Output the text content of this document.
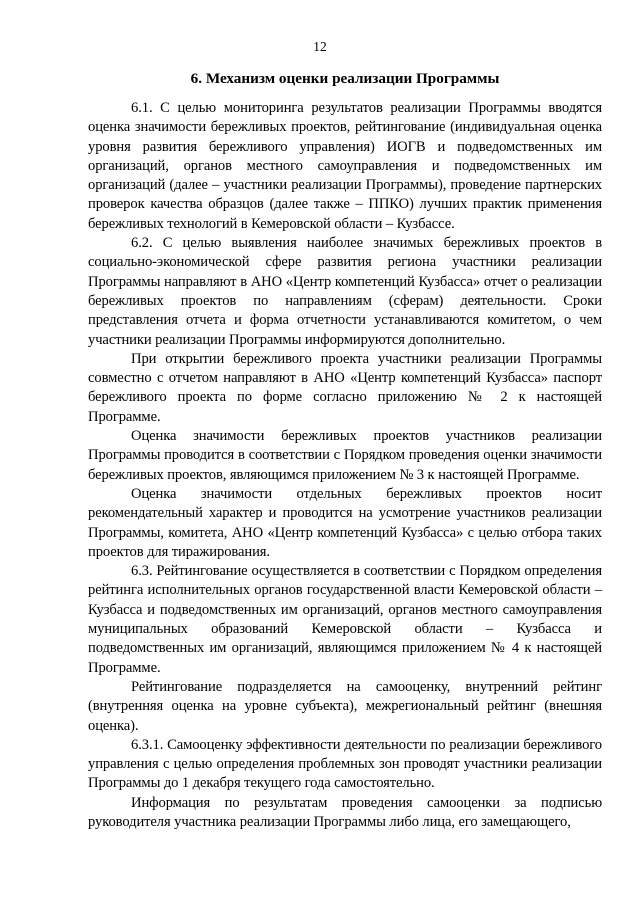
12
6. Механизм оценки реализации Программы

6.1. С целью мониторинга результатов реализации Программы вводятся оценка значимости бережливых проектов, рейтингование (индивидуальная оценка уровня развития бережливого управления) ИОГВ и подведомственных им организаций, органов местного самоуправления и подведомственных им организаций (далее – участники реализации Программы), проведение партнерских проверок качества образцов (далее также – ППКО) лучших практик применения бережливых технологий в Кемеровской области – Кузбассе.

6.2. С целью выявления наиболее значимых бережливых проектов в социально-экономической сфере развития региона участники реализации Программы направляют в АНО «Центр компетенций Кузбасса» отчет о реализации бережливых проектов по направлениям (сферам) деятельности. Сроки представления отчета и форма отчетности устанавливаются комитетом, о чем участники реализации Программы информируются дополнительно.

При открытии бережливого проекта участники реализации Программы совместно с отчетом направляют в АНО «Центр компетенций Кузбасса» паспорт бережливого проекта по форме согласно приложению № 2 к настоящей Программе.

Оценка значимости бережливых проектов участников реализации Программы проводится в соответствии с Порядком проведения оценки значимости бережливых проектов, являющимся приложением № 3 к настоящей Программе.

Оценка значимости отдельных бережливых проектов носит рекомендательный характер и проводится на усмотрение участников реализации Программы, комитета, АНО «Центр компетенций Кузбасса» с целью отбора таких проектов для тиражирования.

6.3. Рейтингование осуществляется в соответствии с Порядком определения рейтинга исполнительных органов государственной власти Кемеровской области – Кузбасса и подведомственных им организаций, органов местного самоуправления муниципальных образований Кемеровской области – Кузбасса и подведомственных им организаций, являющимся приложением № 4 к настоящей Программе.

Рейтингование подразделяется на самооценку, внутренний рейтинг (внутренняя оценка на уровне субъекта), межрегиональный рейтинг (внешняя оценка).

6.3.1. Самооценку эффективности деятельности по реализации бережливого управления с целью определения проблемных зон проводят участники реализации Программы до 1 декабря текущего года самостоятельно.

Информация по результатам проведения самооценки за подписью руководителя участника реализации Программы либо лица, его замещающего,
